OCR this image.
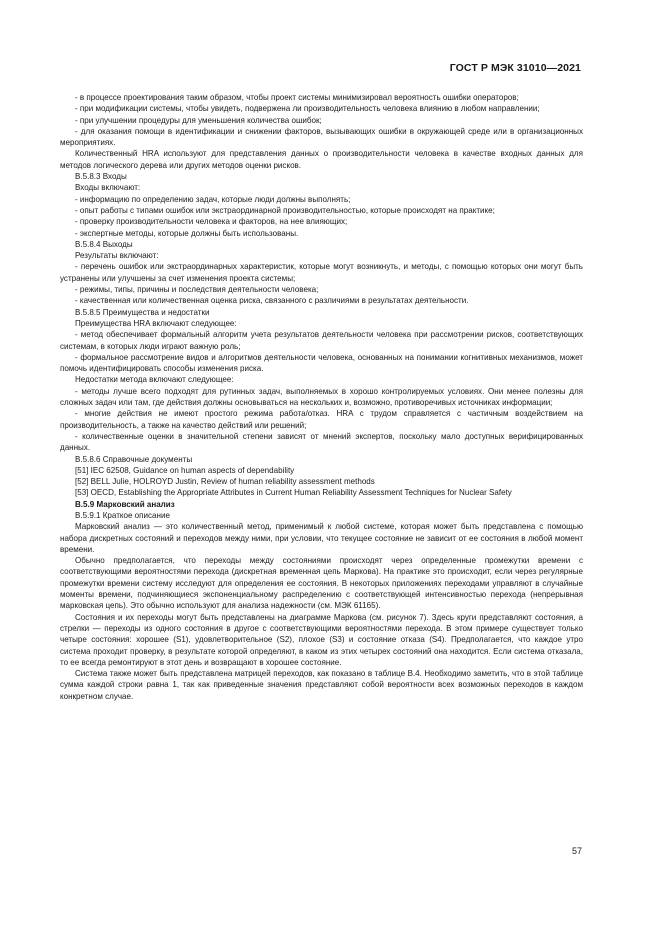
ГОСТ Р МЭК 31010—2021

- в процессе проектирования таким образом, чтобы проект системы минимизировал вероятность ошибки операторов;

- при модификации системы, чтобы увидеть, подвержена ли производительность человека влиянию в любом направлении;

- при улучшении процедуры для уменьшения количества ошибок;

- для оказания помощи в идентификации и снижении факторов, вызывающих ошибки в окружающей среде или в организационных мероприятиях.

Количественный HRA используют для представления данных о производительности человека в качестве входных данных для методов логического дерева или других методов оценки рисков.

B.5.8.3 Входы

Входы включают:

- информацию по определению задач, которые люди должны выполнять;

- опыт работы с типами ошибок или экстраординарной производительностью, которые происходят на практике;

- проверку производительности человека и факторов, на нее влияющих;

- экспертные методы, которые должны быть использованы.

B.5.8.4 Выходы

Результаты включают:

- перечень ошибок или экстраординарных характеристик, которые могут возникнуть, и методы, с помощью которых они могут быть устранены или улучшены за счет изменения проекта системы;

- режимы, типы, причины и последствия деятельности человека;

- качественная или количественная оценка риска, связанного с различиями в результатах деятельности.

B.5.8.5 Преимущества и недостатки

Преимущества HRA включают следующее:

- метод обеспечивает формальный алгоритм учета результатов деятельности человека при рассмотрении рисков, соответствующих системам, в которых люди играют важную роль;

- формальное рассмотрение видов и алгоритмов деятельности человека, основанных на понимании когнитивных механизмов, может помочь идентифицировать способы изменения риска.

Недостатки метода включают следующее:

- методы лучше всего подходят для рутинных задач, выполняемых в хорошо контролируемых условиях. Они менее полезны для сложных задач или там, где действия должны основываться на нескольких и, возможно, противоречивых источниках информации;

- многие действия не имеют простого режима работа/отказ. HRA с трудом справляется с частичным воздействием на производительность, а также на качество действий или решений;

- количественные оценки в значительной степени зависят от мнений экспертов, поскольку мало доступных верифицированных данных.

B.5.8.6 Справочные документы

[51] IEC 62508, Guidance on human aspects of dependability

[52] BELL Julie, HOLROYD Justin, Review of human reliability assessment methods

[53] OECD, Establishing the Appropriate Attributes in Current Human Reliability Assessment Techniques for Nuclear Safety

B.5.9 Марковский анализ

B.5.9.1 Краткое описание

Марковский анализ — это количественный метод, применимый к любой системе, которая может быть представлена с помощью набора дискретных состояний и переходов между ними, при условии, что текущее состояние не зависит от ее состояния в любой момент времени.

Обычно предполагается, что переходы между состояниями происходят через определенные промежутки времени с соответствующими вероятностями перехода (дискретная временная цепь Маркова). На практике это происходит, если через регулярные промежутки времени систему исследуют для определения ее состояния. В некоторых приложениях переходами управляют в случайные моменты времени, подчиняющиеся экспоненциальному распределению с соответствующей интенсивностью перехода (непрерывная марковская цепь). Это обычно используют для анализа надежности (см. МЭК 61165).

Состояния и их переходы могут быть представлены на диаграмме Маркова (см. рисунок 7). Здесь круги представляют состояния, а стрелки — переходы из одного состояния в другое с соответствующими вероятностями перехода. В этом примере существует только четыре состояния: хорошее (S1), удовлетворительное (S2), плохое (S3) и состояние отказа (S4). Предполагается, что каждое утро система проходит проверку, в результате которой определяют, в каком из этих четырех состояний она находится. Если система отказала, то ее всегда ремонтируют в этот день и возвращают в хорошее состояние.

Система также может быть представлена матрицей переходов, как показано в таблице B.4. Необходимо заметить, что в этой таблице сумма каждой строки равна 1, так как приведенные значения представляют собой вероятности всех возможных переходов в каждом конкретном случае.

57
